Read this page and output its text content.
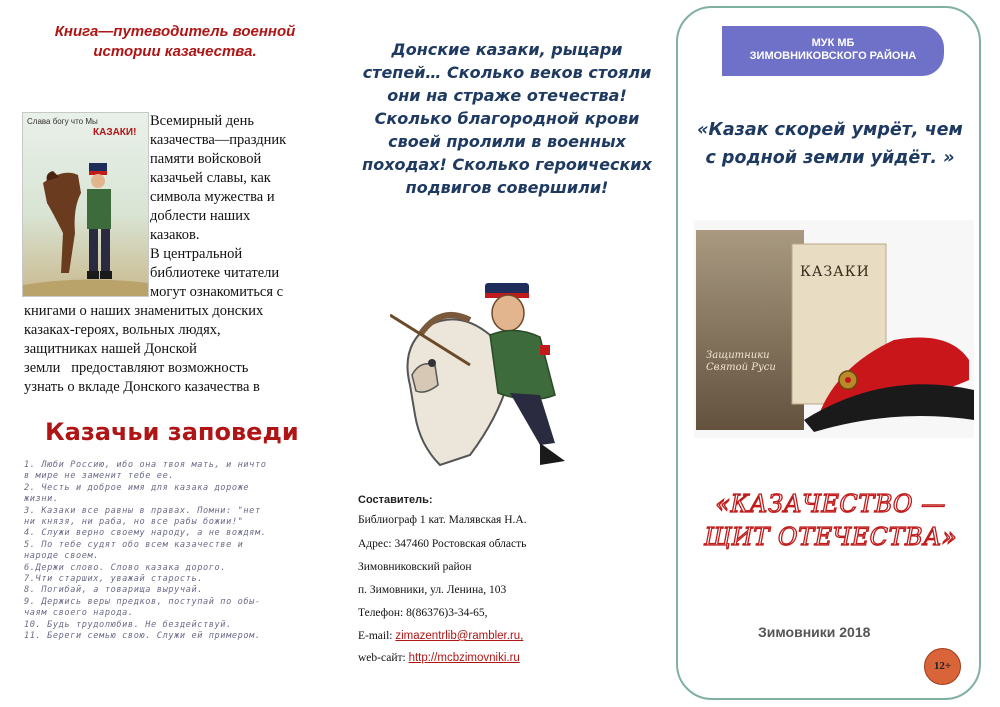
Книга—путеводитель военной истории казачества.
Слава богу что Мы
КАЗАКИ!
Всемирный день
казачества—праздник
памяти войсковой
казачьей славы, как
символа мужества и
доблести наших
казаков.
В центральной
библиотеке читатели
могут ознакомиться с
книгами о наших знаменитых донских
казаках-героях, вольных людях,
защитниках нашей Донской
земли   предоставляют возможность
узнать о вкладе Донского казачества в
Казачьи заповеди
1. Люби Россию, ибо она твоя мать, и ничто
в мире не заменит тебе ее.
2. Честь и доброе имя для казака дороже
жизни.
3. Казаки все равны в правах. Помни: "нет
ни князя, ни раба, но все рабы божии!"
4. Служи верно своему народу, а не вождям.
5. По тебе судят обо всем казачестве и
народе своем.
6.Держи слово. Слово казака дорого.
7.Чти старших, уважай старость.
8. Погибай, а товарища выручай.
9. Держись веры предков, поступай по обы-
чаям своего народа.
10. Будь трудолюбив. Не бездействуй.
11. Береги семью свою. Служи ей примером.
Донские казаки, рыцари степей… Сколько веков стояли они на страже отечества! Сколько благородной крови своей пролили в военных походах! Сколько героических подвигов совершили!
Составитель:
Библиограф 1 кат. Малявская Н.А.
Адрес: 347460 Ростовская область
Зимовниковский район
п. Зимовники, ул. Ленина, 103
Телефон: 8(86376)3-34-65,
E-mail: zimazentrlib@rambler.ru,
web-сайт: http://mcbzimovniki.ru
МУК МБ
ЗИМОВНИКОВСКОГО РАЙОНА
«Казак скорей умрёт, чем с родной земли уйдёт. »
КАЗАКИ
Защитники Святой Руси
«КАЗАЧЕСТВО — ЩИТ ОТЕЧЕСТВА»
Зимовники 2018
12+
